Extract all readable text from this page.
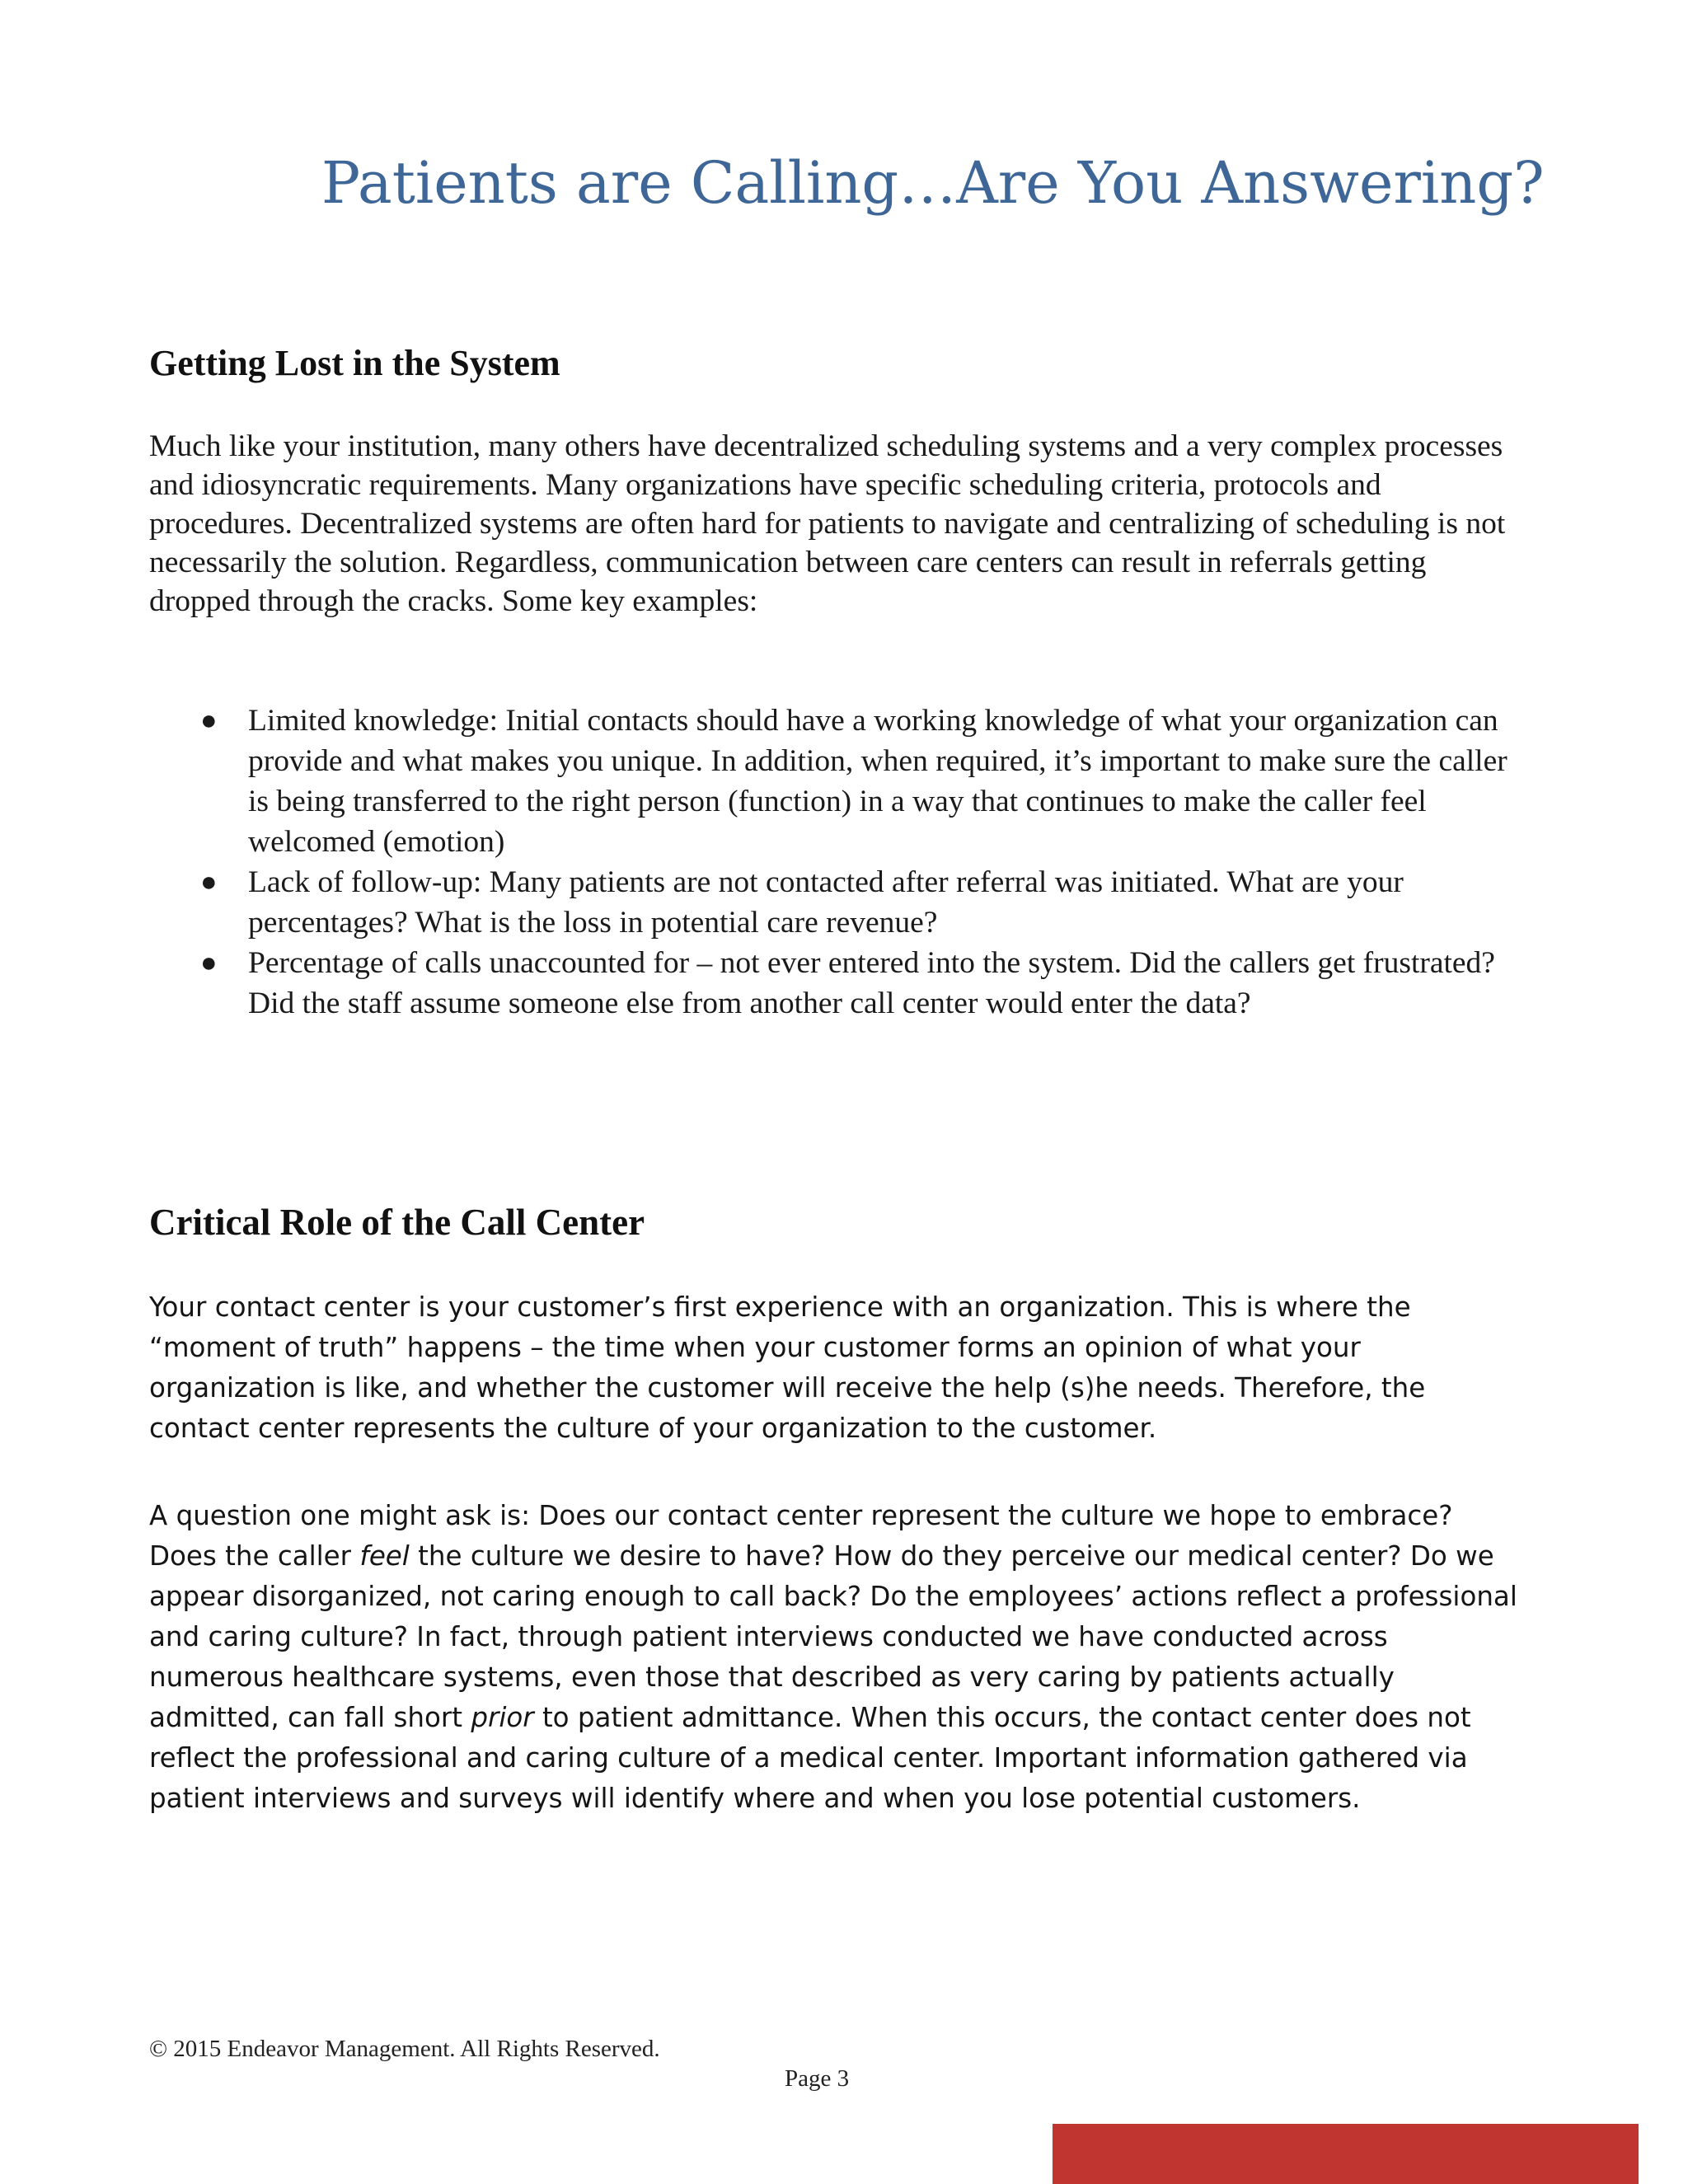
Patients are Calling…Are You Answering?
Getting Lost in the System

Much like your institution, many others have decentralized scheduling systems and a very complex processes and idiosyncratic requirements. Many organizations have specific scheduling criteria, protocols and procedures. Decentralized systems are often hard for patients to navigate and centralizing of scheduling is not necessarily the solution. Regardless, communication between care centers can result in referrals getting dropped through the cracks. Some key examples:

● Limited knowledge: Initial contacts should have a working knowledge of what your organization can provide and what makes you unique. In addition, when required, it’s important to make sure the caller is being transferred to the right person (function) in a way that continues to make the caller feel welcomed (emotion)
● Lack of follow-up: Many patients are not contacted after referral was initiated. What are your percentages? What is the loss in potential care revenue?
● Percentage of calls unaccounted for – not ever entered into the system. Did the callers get frustrated? Did the staff assume someone else from another call center would enter the data?
Critical Role of the Call Center

Your contact center is your customer’s first experience with an organization. This is where the “moment of truth” happens – the time when your customer forms an opinion of what your organization is like, and whether the customer will receive the help (s)he needs. Therefore, the contact center represents the culture of your organization to the customer.

A question one might ask is: Does our contact center represent the culture we hope to embrace? Does the caller feel the culture we desire to have? How do they perceive our medical center? Do we appear disorganized, not caring enough to call back? Do the employees’ actions reflect a professional and caring culture? In fact, through patient interviews conducted we have conducted across numerous healthcare systems, even those that described as very caring by patients actually admitted, can fall short prior to patient admittance. When this occurs, the contact center does not reflect the professional and caring culture of a medical center. Important information gathered via patient interviews and surveys will identify where and when you lose potential customers.

© 2015 Endeavor Management. All Rights Reserved.

Page 3
